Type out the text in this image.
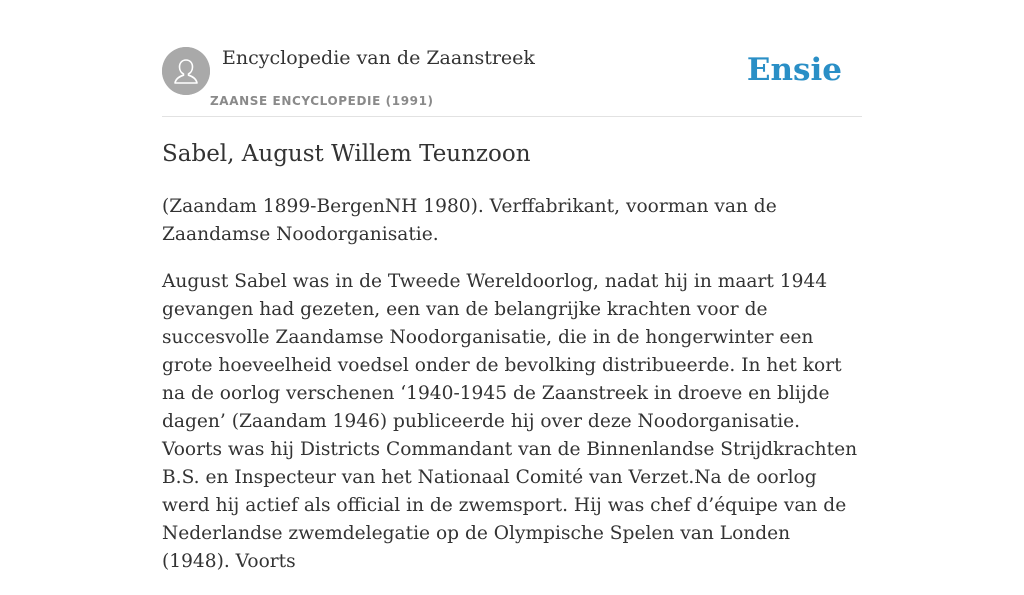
Encyclopedie van de Zaanstreek
ZAANSE ENCYCLOPEDIE (1991)
Ensie
Sabel, August Willem Teunzoon

(Zaandam 1899-BergenNH 1980). Verffabrikant, voorman van de Zaandamse Noodorganisatie.

August Sabel was in de Tweede Wereldoorlog, nadat hij in maart 1944 gevangen had gezeten, een van de belangrijke krachten voor de succesvolle Zaandamse Noodorganisatie, die in de hongerwinter een grote hoeveelheid voedsel onder de bevolking distribueerde. In het kort na de oorlog verschenen ‘1940-1945 de Zaanstreek in droeve en blijde dagen’ (Zaandam 1946) publiceerde hij over deze Noodorganisatie. Voorts was hij Districts Commandant van de Binnenlandse Strijdkrachten B.S. en Inspecteur van het Nationaal Comité van Verzet.Na de oorlog werd hij actief als official in de zwemsport. Hij was chef d’équipe van de Nederlandse zwemdelegatie op de Olympische Spelen van Londen (1948). Voorts
